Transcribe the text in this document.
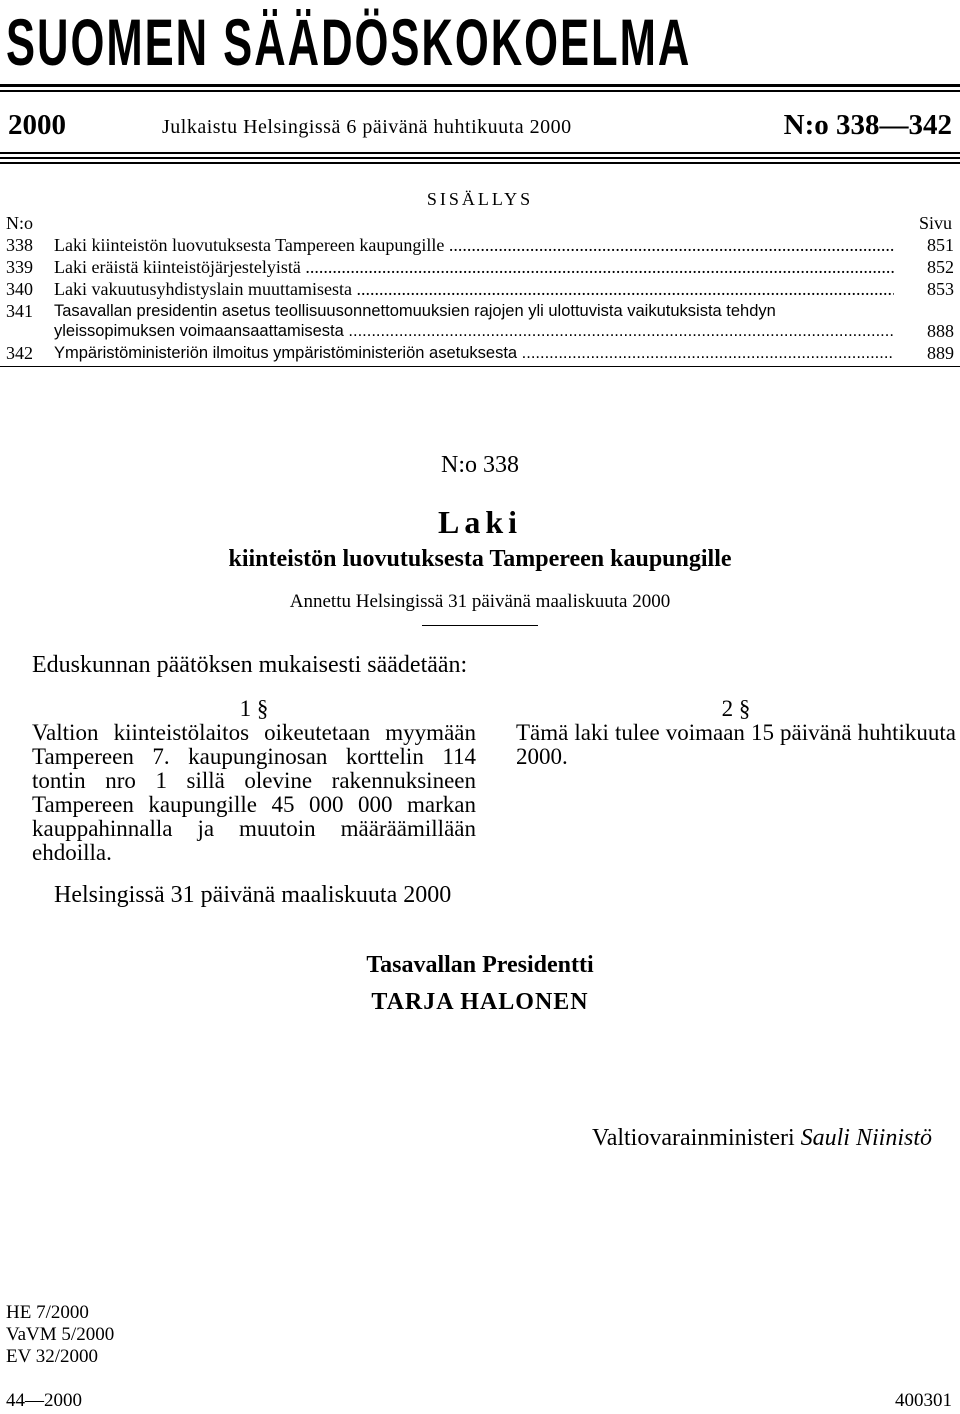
SUOMEN SÄÄDÖSKOKOELMA
2000	Julkaistu Helsingissä 6 päivänä huhtikuuta 2000	N:o 338—342
SISÄLLYS
N:o	Sivu
338	Laki kiinteistön luovutuksesta Tampereen kaupungille .....	851
339	Laki eräistä kiinteistöjärjestelyistä .....	852
340	Laki vakuutusyhdistyslain muuttamisesta .....	853
341	Tasavallan presidentin asetus teollisuusonnettomuuksien rajojen yli ulottuvista vaikutuksista tehdyn
yleissopimuksen voimaansaattamisesta .....	888
342	Ympäristöministeriön ilmoitus ympäristöministeriön asetuksesta .....	889
N:o 338
Laki
kiinteistön luovutuksesta Tampereen kaupungille
Annettu Helsingissä 31 päivänä maaliskuuta 2000
Eduskunnan päätöksen mukaisesti säädetään:
1 §

Valtion kiinteistölaitos oikeutetaan myymään Tampereen 7. kaupunginosan korttelin 114 tontin nro 1 sillä olevine rakennuksineen Tampereen kaupungille 45 000 000 markan kauppahinnalla ja muutoin määräämillään ehdoilla.

2 §

Tämä laki tulee voimaan 15 päivänä huhtikuuta 2000.

Helsingissä 31 päivänä maaliskuuta 2000
Tasavallan Presidentti
TARJA HALONEN
Valtiovarainministeri Sauli Niinistö
HE 7/2000
VaVM 5/2000
EV 32/2000
44—2000	400301
